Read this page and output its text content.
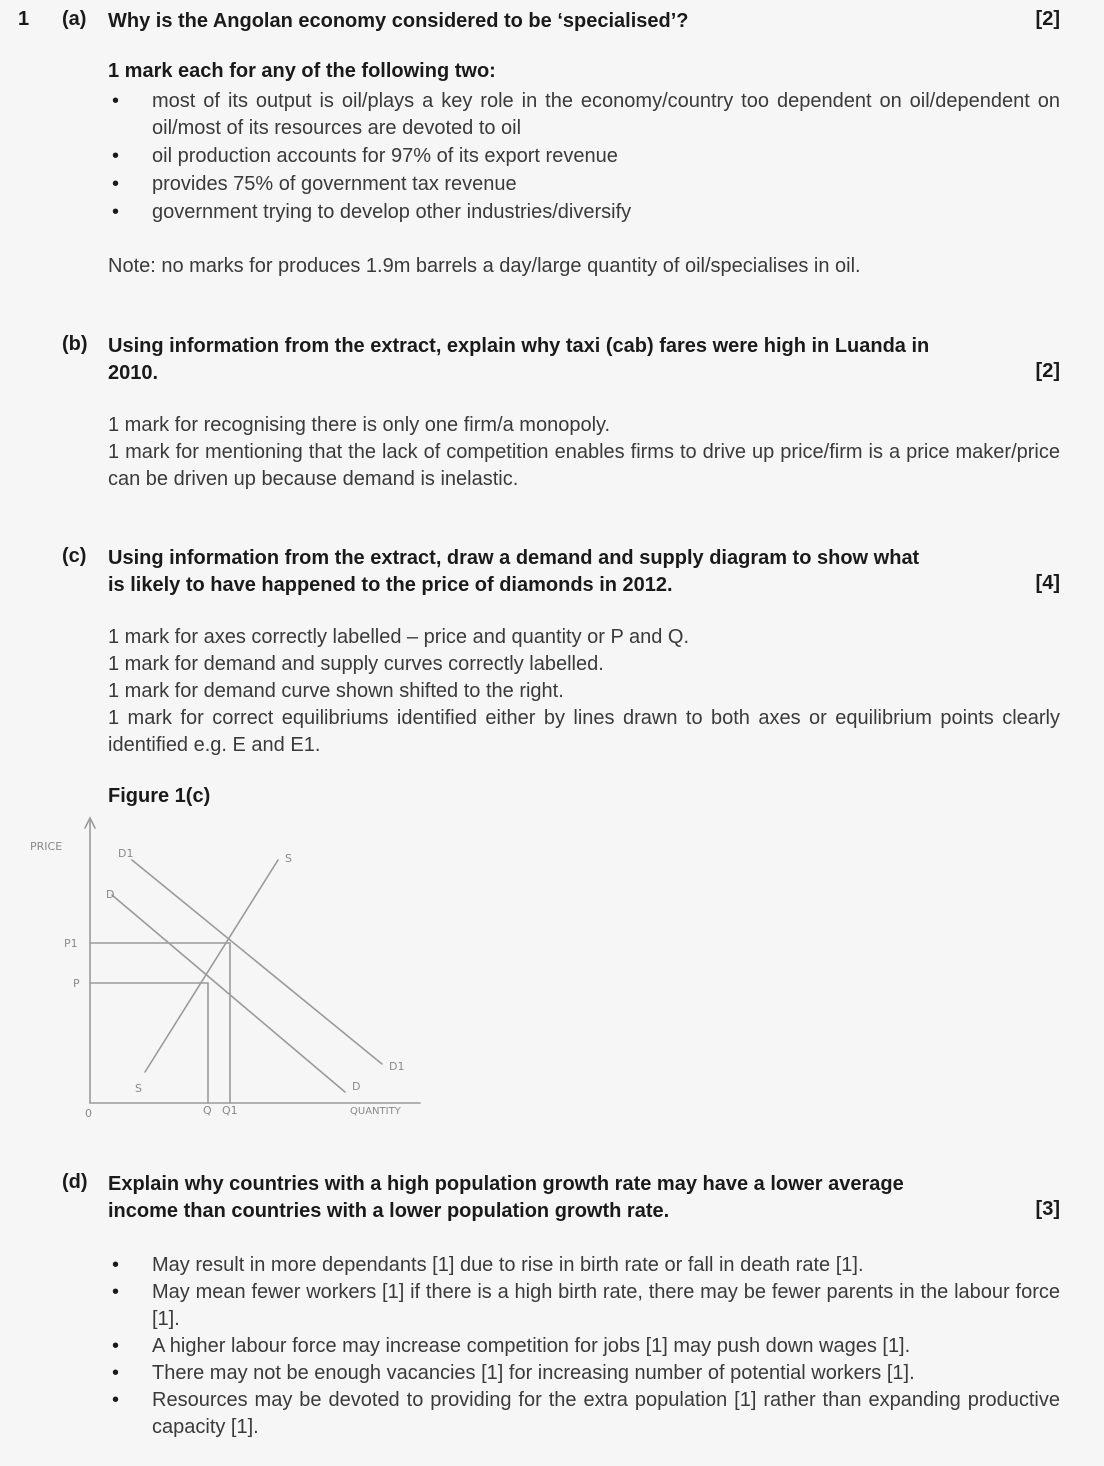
1 (a) Why is the Angolan economy considered to be ‘specialised’?	[2]
1 mark each for any of the following two:
• most of its output is oil/plays a key role in the economy/country too dependent on oil/dependent on oil/most of its resources are devoted to oil
• oil production accounts for 97% of its export revenue
• provides 75% of government tax revenue
• government trying to develop other industries/diversify
Note: no marks for produces 1.9m barrels a day/large quantity of oil/specialises in oil.
(b) Using information from the extract, explain why taxi (cab) fares were high in Luanda in
2010.	[2]
1 mark for recognising there is only one firm/a monopoly.
1 mark for mentioning that the lack of competition enables firms to drive up price/firm is a price maker/price can be driven up because demand is inelastic.
(c) Using information from the extract, draw a demand and supply diagram to show what
is likely to have happened to the price of diamonds in 2012.	[4]
1 mark for axes correctly labelled – price and quantity or P and Q.
1 mark for demand and supply curves correctly labelled.
1 mark for demand curve shown shifted to the right.
1 mark for correct equilibriums identified either by lines drawn to both axes or equilibrium points clearly identified e.g. E and E1.
Figure 1(c)
PRICE
0
P1
P
Q Q1	QUANTITY
D1
D
S
S	D
D1
(d) Explain why countries with a high population growth rate may have a lower average
income than countries with a lower population growth rate.	[3]
• May result in more dependants [1] due to rise in birth rate or fall in death rate [1].
• May mean fewer workers [1] if there is a high birth rate, there may be fewer parents in the labour force [1].
• A higher labour force may increase competition for jobs [1] may push down wages [1].
• There may not be enough vacancies [1] for increasing number of potential workers [1].
• Resources may be devoted to providing for the extra population [1] rather than expanding productive capacity [1].
